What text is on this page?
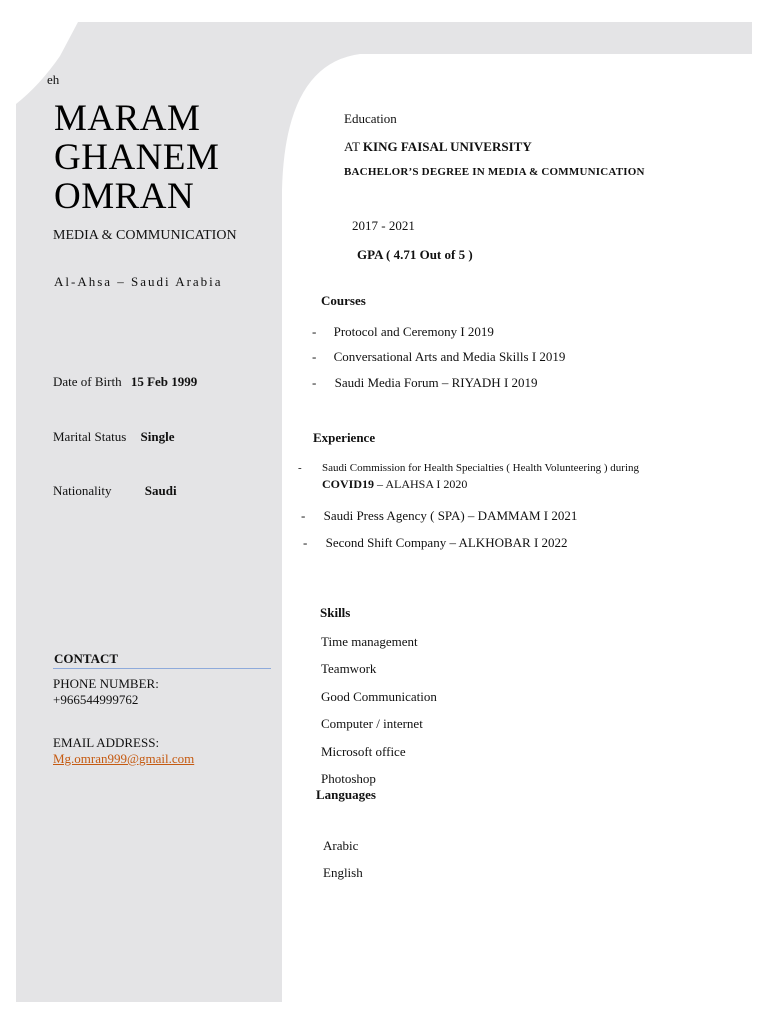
eh
MARAM
GHANEM
OMRAN
MEDIA & COMMUNICATION
Al-Ahsa – Saudi Arabia
Date of Birth 15 Feb 1999
Marital Status Single
Nationality	Saudi
CONTACT
PHONE NUMBER:
+966544999762
EMAIL ADDRESS:
Mg.omran999@gmail.com
Education
AT KING FAISAL UNIVERSITY
BACHELOR’S DEGREE IN MEDIA & COMMUNICATION
2017 - 2021
GPA ( 4.71 Out of 5 )
Courses
- Protocol and Ceremony I 2019
- Conversational Arts and Media Skills I 2019
- Saudi Media Forum – RIYADH I 2019
Experience
- Saudi Commission for Health Specialties ( Health Volunteering ) during
COVID19 – ALAHSA I 2020
- Saudi Press Agency ( SPA) – DAMMAM I 2021
- Second Shift Company – ALKHOBAR I 2022
Skills
Time management
Teamwork
Good Communication
Computer / internet
Microsoft office
Photoshop
Languages
Arabic
English
